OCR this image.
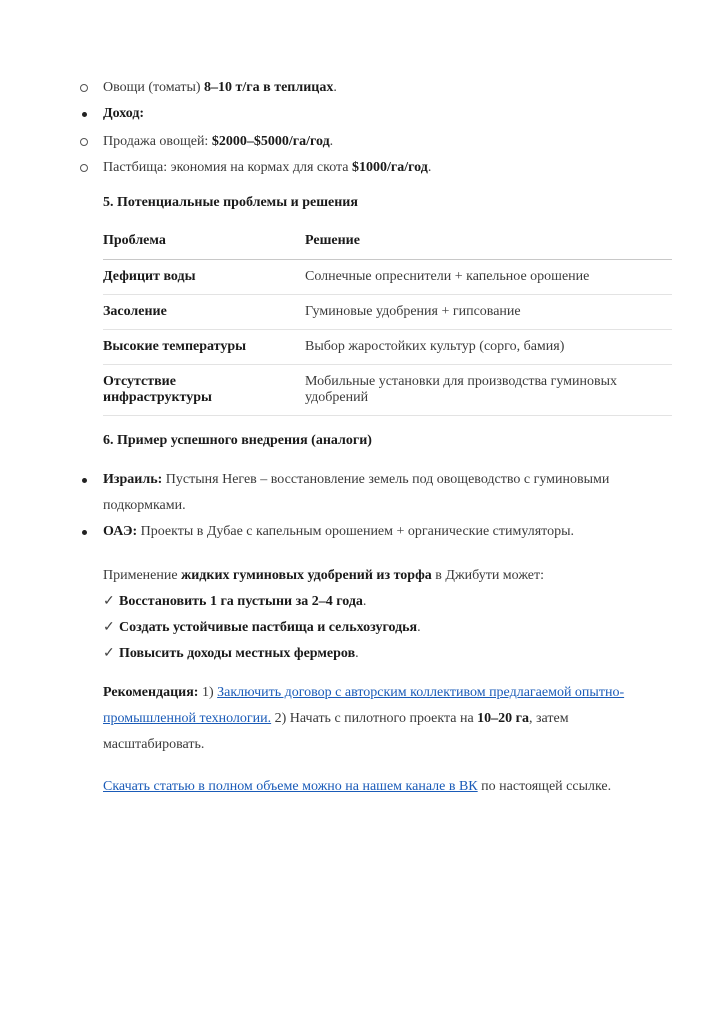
Овощи (томаты) 8–10 т/га в теплицах.
Доход:
Продажа овощей: $2000–$5000/га/год.
Пастбища: экономия на кормах для скота $1000/га/год.
5. Потенциальные проблемы и решения
Проблема	Решение
Дефицит воды	Солнечные опреснители + капельное орошение
Засоление	Гуминовые удобрения + гипсование
Высокие температуры	Выбор жаростойких культур (сорго, бамия)
Отсутствие инфраструктуры	Мобильные установки для производства гуминовых удобрений
6. Пример успешного внедрения (аналоги)
Израиль: Пустыня Негев – восстановление земель под овощеводство с гуминовыми
подкормками.
ОАЭ: Проекты в Дубае с капельным орошением + органические стимуляторы.
Применение жидких гуминовых удобрений из торфа в Джибути может:
✓ Восстановить 1 га пустыни за 2–4 года.
✓ Создать устойчивые пастбища и сельхозугодья.
✓ Повысить доходы местных фермеров.
Рекомендация: 1) Заключить договор с авторским коллективом предлагаемой опытно-
промышленной технологии. 2) Начать с пилотного проекта на 10–20 га, затем
масштабировать.
Скачать статью в полном объеме можно на нашем канале в ВК по настоящей ссылке.
